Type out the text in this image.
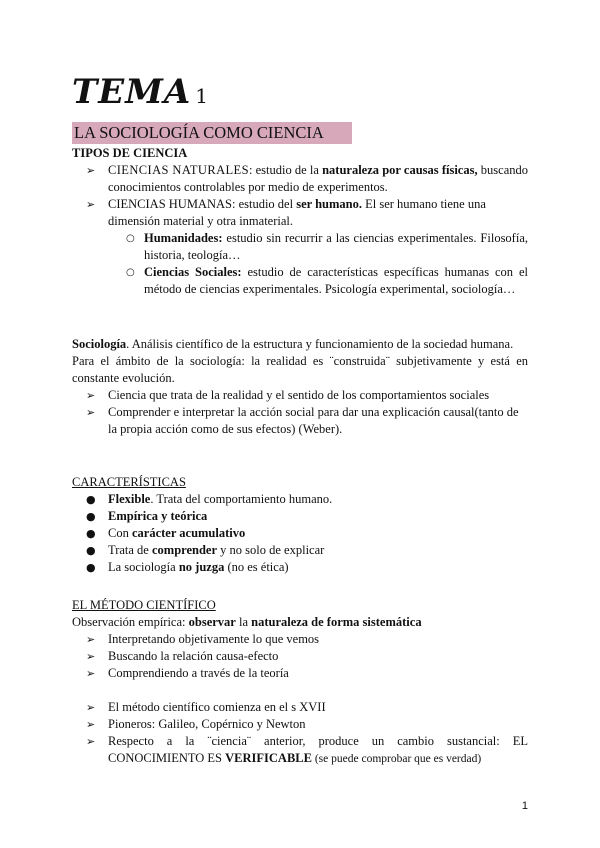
TEMA 1
LA SOCIOLOGÍA COMO CIENCIA
TIPOS DE CIENCIA
➢	CIENCIAS NATURALES: estudio de la naturaleza por causas físicas, buscando conocimientos controlables por medio de experimentos.
➢	CIENCIAS HUMANAS: estudio del ser humano. El ser humano tiene una dimensión material y otra inmaterial.
○ Humanidades: estudio sin recurrir a las ciencias experimentales. Filosofía, historia, teología…
○ Ciencias Sociales: estudio de características específicas humanas con el método de ciencias experimentales. Psicología experimental, sociología…
Sociología. Análisis científico de la estructura y funcionamiento de la sociedad humana.
Para el ámbito de la sociología: la realidad es ¨construida¨ subjetivamente y está en constante evolución.
➢	Ciencia que trata de la realidad y el sentido de los comportamientos sociales
➢	Comprender e interpretar la acción social para dar una explicación causal(tanto de la propia acción como de sus efectos) (Weber).
CARACTERÍSTICAS
● Flexible. Trata del comportamiento humano.
● Empírica y teórica
● Con carácter acumulativo
● Trata de comprender y no solo de explicar
● La sociología no juzga (no es ética)
EL MÉTODO CIENTÍFICO
Observación empírica: observar la naturaleza de forma sistemática
➢	Interpretando objetivamente lo que vemos
➢	Buscando la relación causa-efecto
➢	Comprendiendo a través de la teoría
➢	El método científico comienza en el s XVII
➢	Pioneros: Galileo, Copérnico y Newton
➢	Respecto a la ¨ciencia¨ anterior, produce un cambio sustancial: EL CONOCIMIENTO ES VERIFICABLE (se puede comprobar que es verdad)
1
